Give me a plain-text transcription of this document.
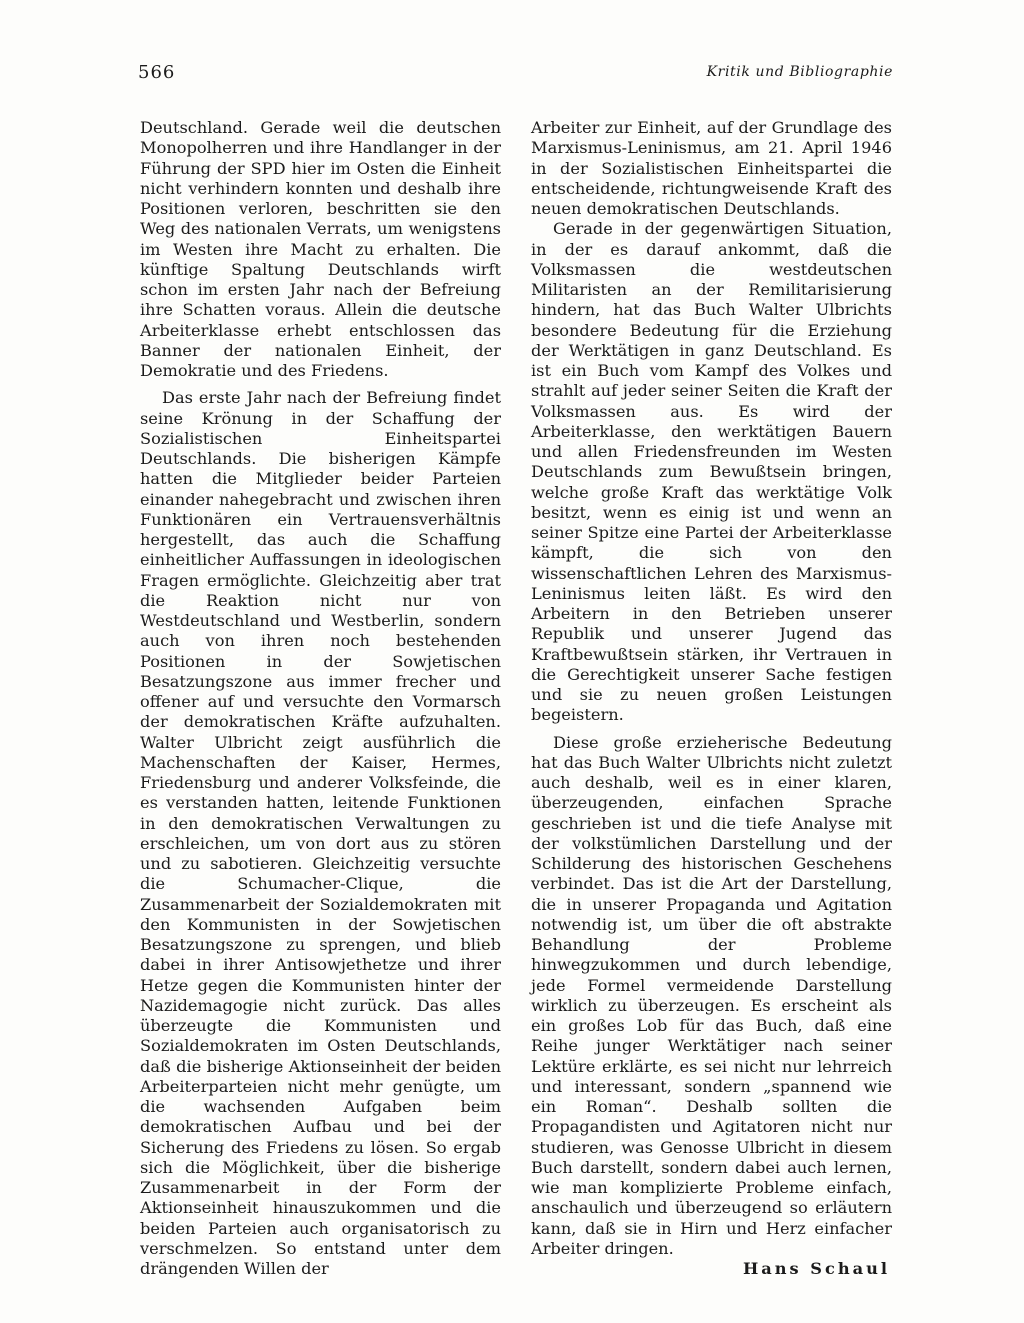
566	Kritik und Bibliographie

Deutschland. Gerade weil die deutschen Monopolherren und ihre Handlanger in der Führung der SPD hier im Osten die Einheit nicht verhindern konnten und deshalb ihre Positionen verloren, beschritten sie den Weg des nationalen Verrats, um wenigstens im Westen ihre Macht zu erhalten. Die künftige Spaltung Deutschlands wirft schon im ersten Jahr nach der Befreiung ihre Schatten voraus. Allein die deutsche Arbeiterklasse erhebt entschlossen das Banner der nationalen Einheit, der Demokratie und des Friedens.

Das erste Jahr nach der Befreiung findet seine Krönung in der Schaffung der Sozialistischen Einheitspartei Deutschlands. Die bisherigen Kämpfe hatten die Mitglieder beider Parteien einander nahegebracht und zwischen ihren Funktionären ein Vertrauensverhältnis hergestellt, das auch die Schaffung einheitlicher Auffassungen in ideologischen Fragen ermöglichte. Gleichzeitig aber trat die Reaktion nicht nur von Westdeutschland und Westberlin, sondern auch von ihren noch bestehenden Positionen in der Sowjetischen Besatzungszone aus immer frecher und offener auf und versuchte den Vormarsch der demokratischen Kräfte aufzuhalten. Walter Ulbricht zeigt ausführlich die Machenschaften der Kaiser, Hermes, Friedensburg und anderer Volksfeinde, die es verstanden hatten, leitende Funktionen in den demokratischen Verwaltungen zu erschleichen, um von dort aus zu stören und zu sabotieren. Gleichzeitig versuchte die Schumacher-Clique, die Zusammenarbeit der Sozialdemokraten mit den Kommunisten in der Sowjetischen Besatzungszone zu sprengen, und blieb dabei in ihrer Antisowjethetze und ihrer Hetze gegen die Kommunisten hinter der Nazidemagogie nicht zurück. Das alles überzeugte die Kommunisten und Sozialdemokraten im Osten Deutschlands, daß die bisherige Aktionseinheit der beiden Arbeiterparteien nicht mehr genügte, um die wachsenden Aufgaben beim demokratischen Aufbau und bei der Sicherung des Friedens zu lösen. So ergab sich die Möglichkeit, über die bisherige Zusammenarbeit in der Form der Aktionseinheit hinauszukommen und die beiden Parteien auch organisatorisch zu verschmelzen. So entstand unter dem drängenden Willen der

Arbeiter zur Einheit, auf der Grundlage des Marxismus-Leninismus, am 21. April 1946 in der Sozialistischen Einheitspartei die entscheidende, richtungweisende Kraft des neuen demokratischen Deutschlands.

Gerade in der gegenwärtigen Situation, in der es darauf ankommt, daß die Volksmassen die westdeutschen Militaristen an der Remilitarisierung hindern, hat das Buch Walter Ulbrichts besondere Bedeutung für die Erziehung der Werktätigen in ganz Deutschland. Es ist ein Buch vom Kampf des Volkes und strahlt auf jeder seiner Seiten die Kraft der Volksmassen aus. Es wird der Arbeiterklasse, den werktätigen Bauern und allen Friedensfreunden im Westen Deutschlands zum Bewußtsein bringen, welche große Kraft das werktätige Volk besitzt, wenn es einig ist und wenn an seiner Spitze eine Partei der Arbeiterklasse kämpft, die sich von den wissenschaftlichen Lehren des Marxismus-Leninismus leiten läßt. Es wird den Arbeitern in den Betrieben unserer Republik und unserer Jugend das Kraftbewußtsein stärken, ihr Vertrauen in die Gerechtigkeit unserer Sache festigen und sie zu neuen großen Leistungen begeistern.

Diese große erzieherische Bedeutung hat das Buch Walter Ulbrichts nicht zuletzt auch deshalb, weil es in einer klaren, überzeugenden, einfachen Sprache geschrieben ist und die tiefe Analyse mit der volkstümlichen Darstellung und der Schilderung des historischen Geschehens verbindet. Das ist die Art der Darstellung, die in unserer Propaganda und Agitation notwendig ist, um über die oft abstrakte Behandlung der Probleme hinwegzukommen und durch lebendige, jede Formel vermeidende Darstellung wirklich zu überzeugen. Es erscheint als ein großes Lob für das Buch, daß eine Reihe junger Werktätiger nach seiner Lektüre erklärte, es sei nicht nur lehrreich und interessant, sondern „spannend wie ein Roman“. Deshalb sollten die Propagandisten und Agitatoren nicht nur studieren, was Genosse Ulbricht in diesem Buch darstellt, sondern dabei auch lernen, wie man komplizierte Probleme einfach, anschaulich und überzeugend so erläutern kann, daß sie in Hirn und Herz einfacher Arbeiter dringen.

Hans Schaul
